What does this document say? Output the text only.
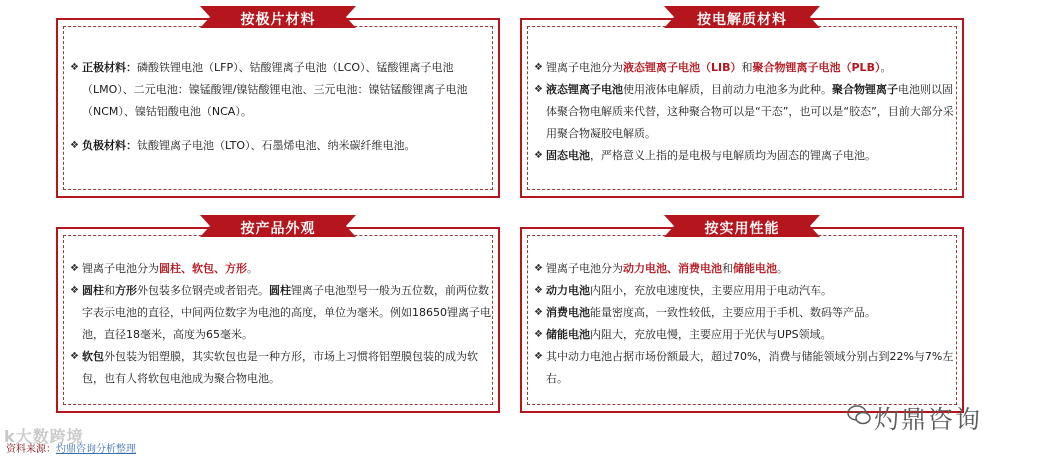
按极片材料
❖ 正极材料：磷酸铁锂电池（LFP）、钴酸锂离子电池（LCO）、锰酸锂离子电池（LMO）、二元电池：镍锰酸锂/镍钴酸锂电池、三元电池：镍钴锰酸锂离子电池（NCM）、镍钴铝酸电池（NCA）。
❖ 负极材料：钛酸锂离子电池（LTO）、石墨烯电池、纳米碳纤维电池。
按电解质材料
❖ 锂离子电池分为液态锂离子电池（LIB）和聚合物锂离子电池（PLB）。
❖ 液态锂离子电池使用液体电解质，目前动力电池多为此种。聚合物锂离子电池则以固体聚合物电解质来代替，这种聚合物可以是“干态”，也可以是“胶态”，目前大部分采用聚合物凝胶电解质。
❖ 固态电池，严格意义上指的是电极与电解质均为固态的锂离子电池。
按产品外观
❖ 锂离子电池分为圆柱、软包、方形。
❖ 圆柱和方形外包装多位钢壳或者铝壳。圆柱锂离子电池型号一般为五位数，前两位数字表示电池的直径，中间两位数字为电池的高度，单位为毫米。例如18650锂离子电池，直径18毫米，高度为65毫米。
❖ 软包外包装为铝塑膜，其实软包也是一种方形，市场上习惯将铝塑膜包装的成为软包，也有人将软包电池成为聚合物电池。
按实用性能
❖ 锂离子电池分为动力电池、消费电池和储能电池。
❖ 动力电池内阻小，充放电速度快，主要应用用于电动汽车。
❖ 消费电池能量密度高，一致性较低，主要应用于手机、数码等产品。
❖ 储能电池内阻大，充放电慢，主要应用于光伏与UPS领域。
❖ 其中动力电池占据市场份额最大，超过70%，消费与储能领域分别占到22%与7%左右。
k大数跨境
资料来源：灼鼎咨询分析整理
灼鼎咨询
